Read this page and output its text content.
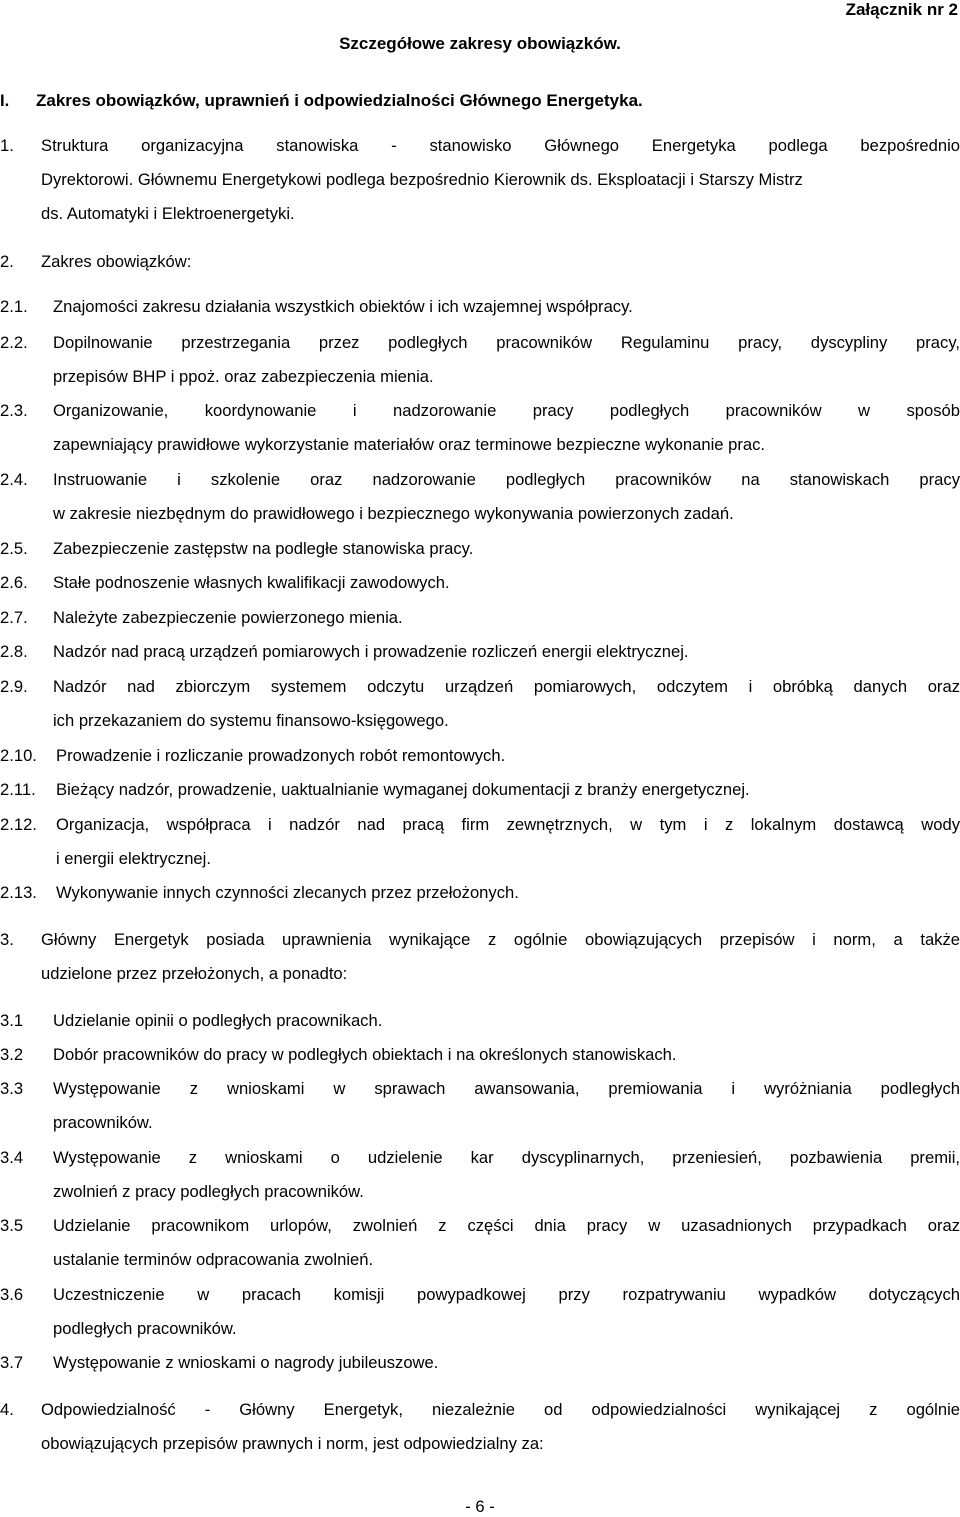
Załącznik nr 2
Szczegółowe zakresy obowiązków.
I. Zakres obowiązków, uprawnień i odpowiedzialności Głównego Energetyka.
1. Struktura organizacyjna stanowiska - stanowisko Głównego Energetyka podlega bezpośrednio
Dyrektorowi. Głównemu Energetykowi podlega bezpośrednio Kierownik ds. Eksploatacji i Starszy Mistrz
ds. Automatyki i Elektroenergetyki.
2. Zakres obowiązków:
2.1. Znajomości zakresu działania wszystkich obiektów i ich wzajemnej współpracy.
2.2. Dopilnowanie przestrzegania przez podległych pracowników Regulaminu pracy, dyscypliny pracy,
przepisów BHP i ppoż. oraz zabezpieczenia mienia.
2.3. Organizowanie, koordynowanie i nadzorowanie pracy podległych pracowników w sposób
zapewniający prawidłowe wykorzystanie materiałów oraz terminowe bezpieczne wykonanie prac.
2.4. Instruowanie i szkolenie oraz nadzorowanie podległych pracowników na stanowiskach pracy
w zakresie niezbędnym do prawidłowego i bezpiecznego wykonywania powierzonych zadań.
2.5. Zabezpieczenie zastępstw na podległe stanowiska pracy.
2.6. Stałe podnoszenie własnych kwalifikacji zawodowych.
2.7. Należyte zabezpieczenie powierzonego mienia.
2.8. Nadzór nad pracą urządzeń pomiarowych i prowadzenie rozliczeń energii elektrycznej.
2.9. Nadzór nad zbiorczym systemem odczytu urządzeń pomiarowych, odczytem i obróbką danych oraz
ich przekazaniem do systemu finansowo-księgowego.
2.10. Prowadzenie i rozliczanie prowadzonych robót remontowych.
2.11. Bieżący nadzór, prowadzenie, uaktualnianie wymaganej dokumentacji z branży energetycznej.
2.12. Organizacja, współpraca i nadzór nad pracą firm zewnętrznych, w tym i z lokalnym dostawcą wody
i energii elektrycznej.
2.13. Wykonywanie innych czynności zlecanych przez przełożonych.
3. Główny Energetyk posiada uprawnienia wynikające z ogólnie obowiązujących przepisów i norm, a także
udzielone przez przełożonych, a ponadto:
3.1 Udzielanie opinii o podległych pracownikach.
3.2 Dobór pracowników do pracy w podległych obiektach i na określonych stanowiskach.
3.3 Występowanie z wnioskami w sprawach awansowania, premiowania i wyróżniania podległych
pracowników.
3.4 Występowanie z wnioskami o udzielenie kar dyscyplinarnych, przeniesień, pozbawienia premii,
zwolnień z pracy podległych pracowników.
3.5 Udzielanie pracownikom urlopów, zwolnień z części dnia pracy w uzasadnionych przypadkach oraz
ustalanie terminów odpracowania zwolnień.
3.6 Uczestniczenie w pracach komisji powypadkowej przy rozpatrywaniu wypadków dotyczących
podległych pracowników.
3.7 Występowanie z wnioskami o nagrody jubileuszowe.
4. Odpowiedzialność - Główny Energetyk, niezależnie od odpowiedzialności wynikającej z ogólnie
obowiązujących przepisów prawnych i norm, jest odpowiedzialny za:
- 6 -
